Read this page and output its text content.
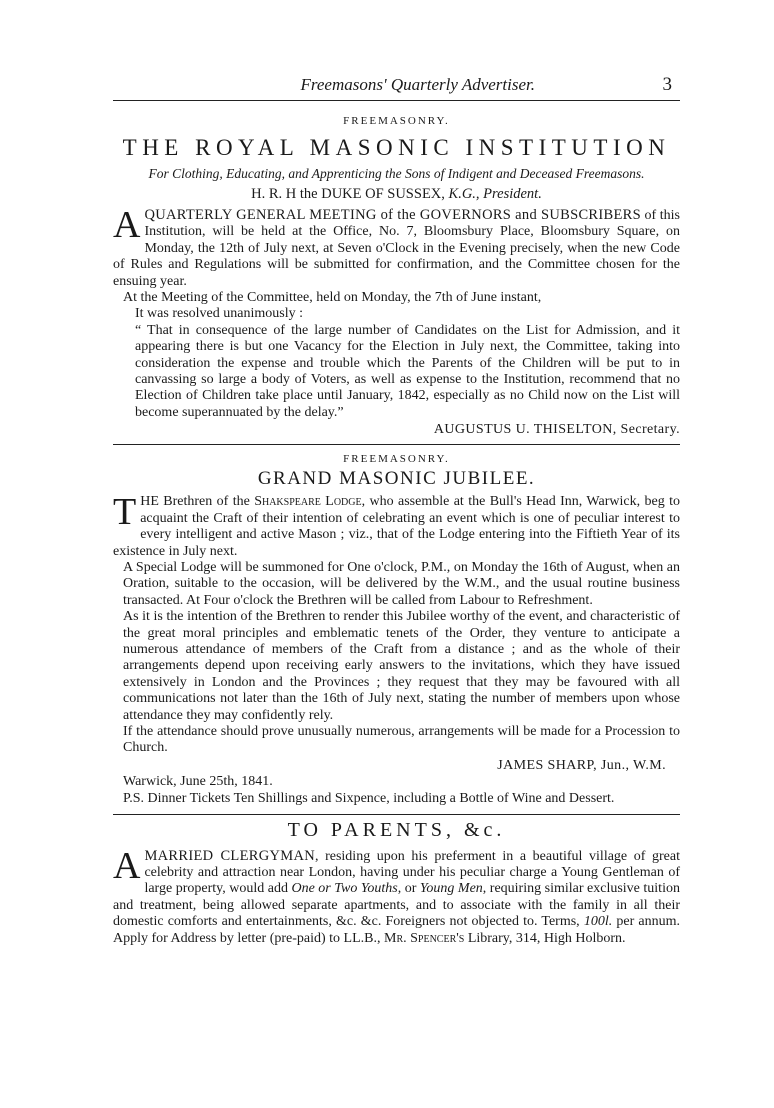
Freemasons' Quarterly Advertiser.	3
FREEMASONRY.
THE ROYAL MASONIC INSTITUTION
For Clothing, Educating, and Apprenticing the Sons of Indigent and Deceased Freemasons.
H. R. H the DUKE OF SUSSEX, K.G., President.

AQUARTERLY GENERAL MEETING of the GOVERNORS and SUBSCRIBERS of this Institution, will be held at the Office, No. 7, Bloomsbury Place, Bloomsbury Square, on Monday, the 12th of July next, at Seven o'Clock in the Evening precisely, when the new Code of Rules and Regulations will be submitted for confirmation, and the Committee chosen for the ensuing year.

At the Meeting of the Committee, held on Monday, the 7th of June instant,

It was resolved unanimously :

“ That in consequence of the large number of Candidates on the List for Admission, and it appearing there is but one Vacancy for the Election in July next, the Committee, taking into consideration the expense and trouble which the Parents of the Children will be put to in canvassing so large a body of Voters, as well as expense to the Institution, recommend that no Election of Children take place until January, 1842, especially as no Child now on the List will become superannuated by the delay.”

AUGUSTUS U. THISELTON, Secretary.
FREEMASONRY.
GRAND MASONIC JUBILEE.

THE Brethren of the Shakspeare Lodge, who assemble at the Bull's Head Inn, Warwick, beg to acquaint the Craft of their intention of celebrating an event which is one of peculiar interest to every intelligent and active Mason ; viz., that of the Lodge entering into the Fiftieth Year of its existence in July next.

A Special Lodge will be summoned for One o'clock, P.M., on Monday the 16th of August, when an Oration, suitable to the occasion, will be delivered by the W.M., and the usual routine business transacted. At Four o'clock the Brethren will be called from Labour to Refreshment.

As it is the intention of the Brethren to render this Jubilee worthy of the event, and characteristic of the great moral principles and emblematic tenets of the Order, they venture to anticipate a numerous attendance of members of the Craft from a distance ; and as the whole of their arrangements depend upon receiving early answers to the invitations, which they have issued extensively in London and the Provinces ; they request that they may be favoured with all communications not later than the 16th of July next, stating the number of members upon whose attendance they may confidently rely.

If the attendance should prove unusually numerous, arrangements will be made for a Procession to Church.

JAMES SHARP, Jun., W.M.

Warwick, June 25th, 1841.

P.S. Dinner Tickets Ten Shillings and Sixpence, including a Bottle of Wine and Dessert.

TO PARENTS, &c.

AMARRIED CLERGYMAN, residing upon his preferment in a beautiful village of great celebrity and attraction near London, having under his peculiar charge a Young Gentleman of large property, would add One or Two Youths, or Young Men, requiring similar exclusive tuition and treatment, being allowed separate apartments, and to associate with the family in all their domestic comforts and entertainments, &c. &c. Foreigners not objected to. Terms, 100l. per annum. Apply for Address by letter (pre-paid) to LL.B., Mr. Spencer's Library, 314, High Holborn.
